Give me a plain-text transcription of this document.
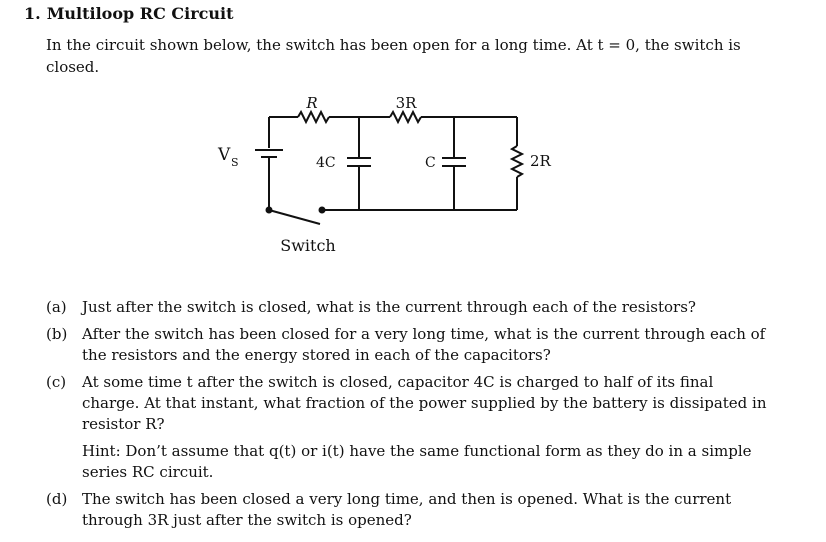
1. Multiloop RC Circuit
In the circuit shown below, the switch has been open for a long time. At t = 0, the switch is closed.
R	3R
2R
V S	4C	C
Switch
(a)	Just after the switch is closed, what is the current through each of the resistors?
(b) After the switch has been closed for a very long time, what is the current through each of the resistors and the energy stored in each of the capacitors?
(c)	At some time t after the switch is closed, capacitor 4C is charged to half of its final charge. At that instant, what fraction of the power supplied by the battery is dissipated in resistor R?
Hint: Don’t assume that q(t) or i(t) have the same functional form as they do in a simple series RC circuit.
(d) The switch has been closed a very long time, and then is opened. What is the current through 3R just after the switch is opened?
